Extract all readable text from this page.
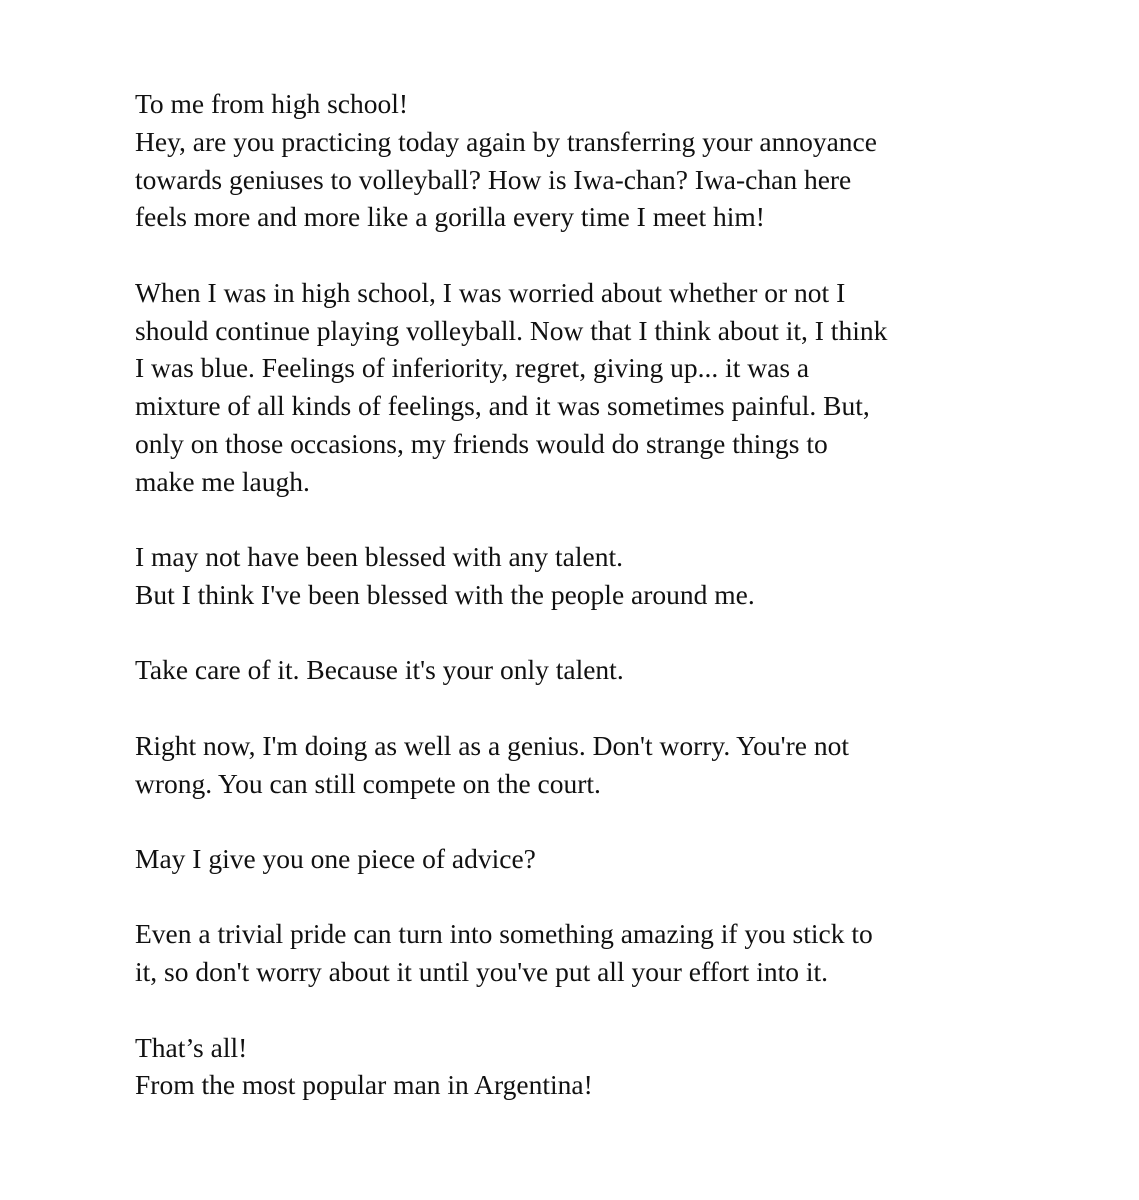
To me from high school!
Hey, are you practicing today again by transferring your annoyance
towards geniuses to volleyball? How is Iwa-chan? Iwa-chan here
feels more and more like a gorilla every time I meet him!

When I was in high school, I was worried about whether or not I
should continue playing volleyball. Now that I think about it, I think
I was blue. Feelings of inferiority, regret, giving up... it was a
mixture of all kinds of feelings, and it was sometimes painful. But,
only on those occasions, my friends would do strange things to
make me laugh.

I may not have been blessed with any talent.
But I think I've been blessed with the people around me.

Take care of it. Because it's your only talent.

Right now, I'm doing as well as a genius. Don't worry. You're not
wrong. You can still compete on the court.

May I give you one piece of advice?

Even a trivial pride can turn into something amazing if you stick to
it, so don't worry about it until you've put all your effort into it.

That’s all!
From the most popular man in Argentina!
